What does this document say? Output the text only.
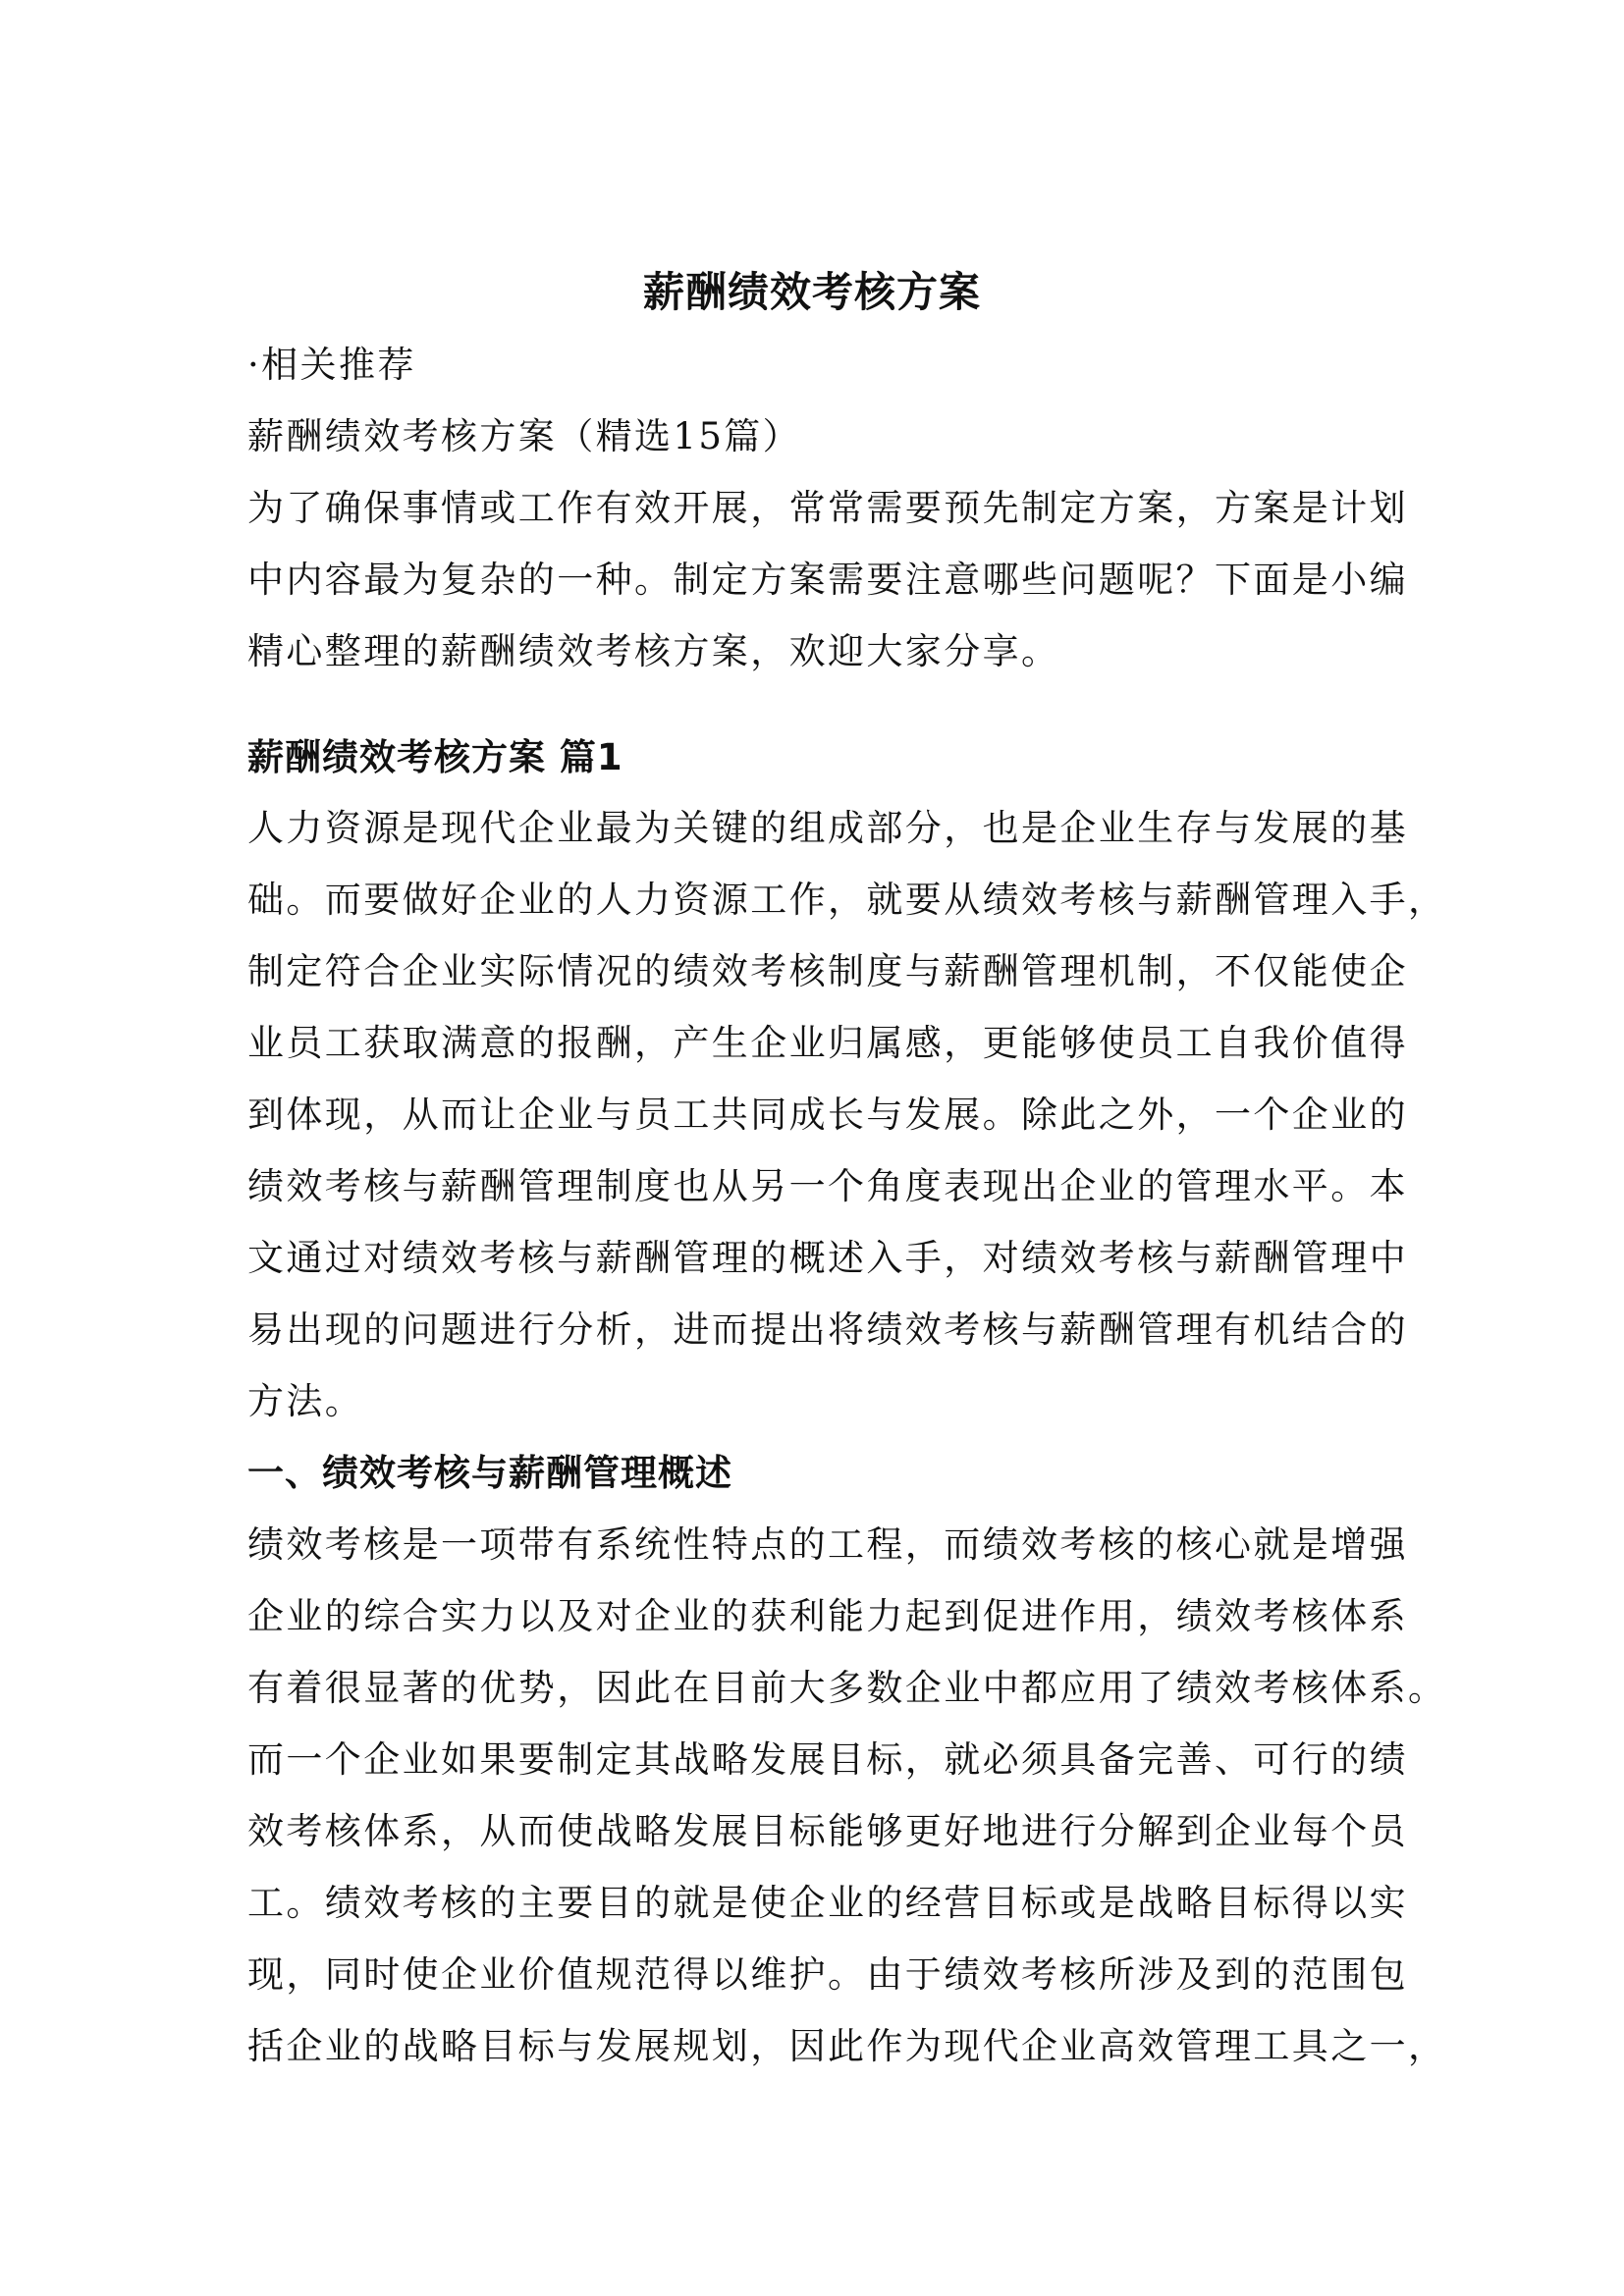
薪酬绩效考核方案
·相关推荐
薪酬绩效考核方案（精选15篇）
为了确保事情或工作有效开展，常常需要预先制定方案，方案是计划
中内容最为复杂的一种。制定方案需要注意哪些问题呢？下面是小编
精心整理的薪酬绩效考核方案，欢迎大家分享。
薪酬绩效考核方案 篇1
人力资源是现代企业最为关键的组成部分，也是企业生存与发展的基
础。而要做好企业的人力资源工作，就要从绩效考核与薪酬管理入手，
制定符合企业实际情况的绩效考核制度与薪酬管理机制，不仅能使企
业员工获取满意的报酬，产生企业归属感，更能够使员工自我价值得
到体现，从而让企业与员工共同成长与发展。除此之外，一个企业的
绩效考核与薪酬管理制度也从另一个角度表现出企业的管理水平。本
文通过对绩效考核与薪酬管理的概述入手，对绩效考核与薪酬管理中
易出现的问题进行分析，进而提出将绩效考核与薪酬管理有机结合的
方法。
一、绩效考核与薪酬管理概述
绩效考核是一项带有系统性特点的工程，而绩效考核的核心就是增强
企业的综合实力以及对企业的获利能力起到促进作用，绩效考核体系
有着很显著的优势，因此在目前大多数企业中都应用了绩效考核体系。
而一个企业如果要制定其战略发展目标，就必须具备完善、可行的绩
效考核体系，从而使战略发展目标能够更好地进行分解到企业每个员
工。绩效考核的主要目的就是使企业的经营目标或是战略目标得以实
现，同时使企业价值规范得以维护。由于绩效考核所涉及到的范围包
括企业的战略目标与发展规划，因此作为现代企业高效管理工具之一，
